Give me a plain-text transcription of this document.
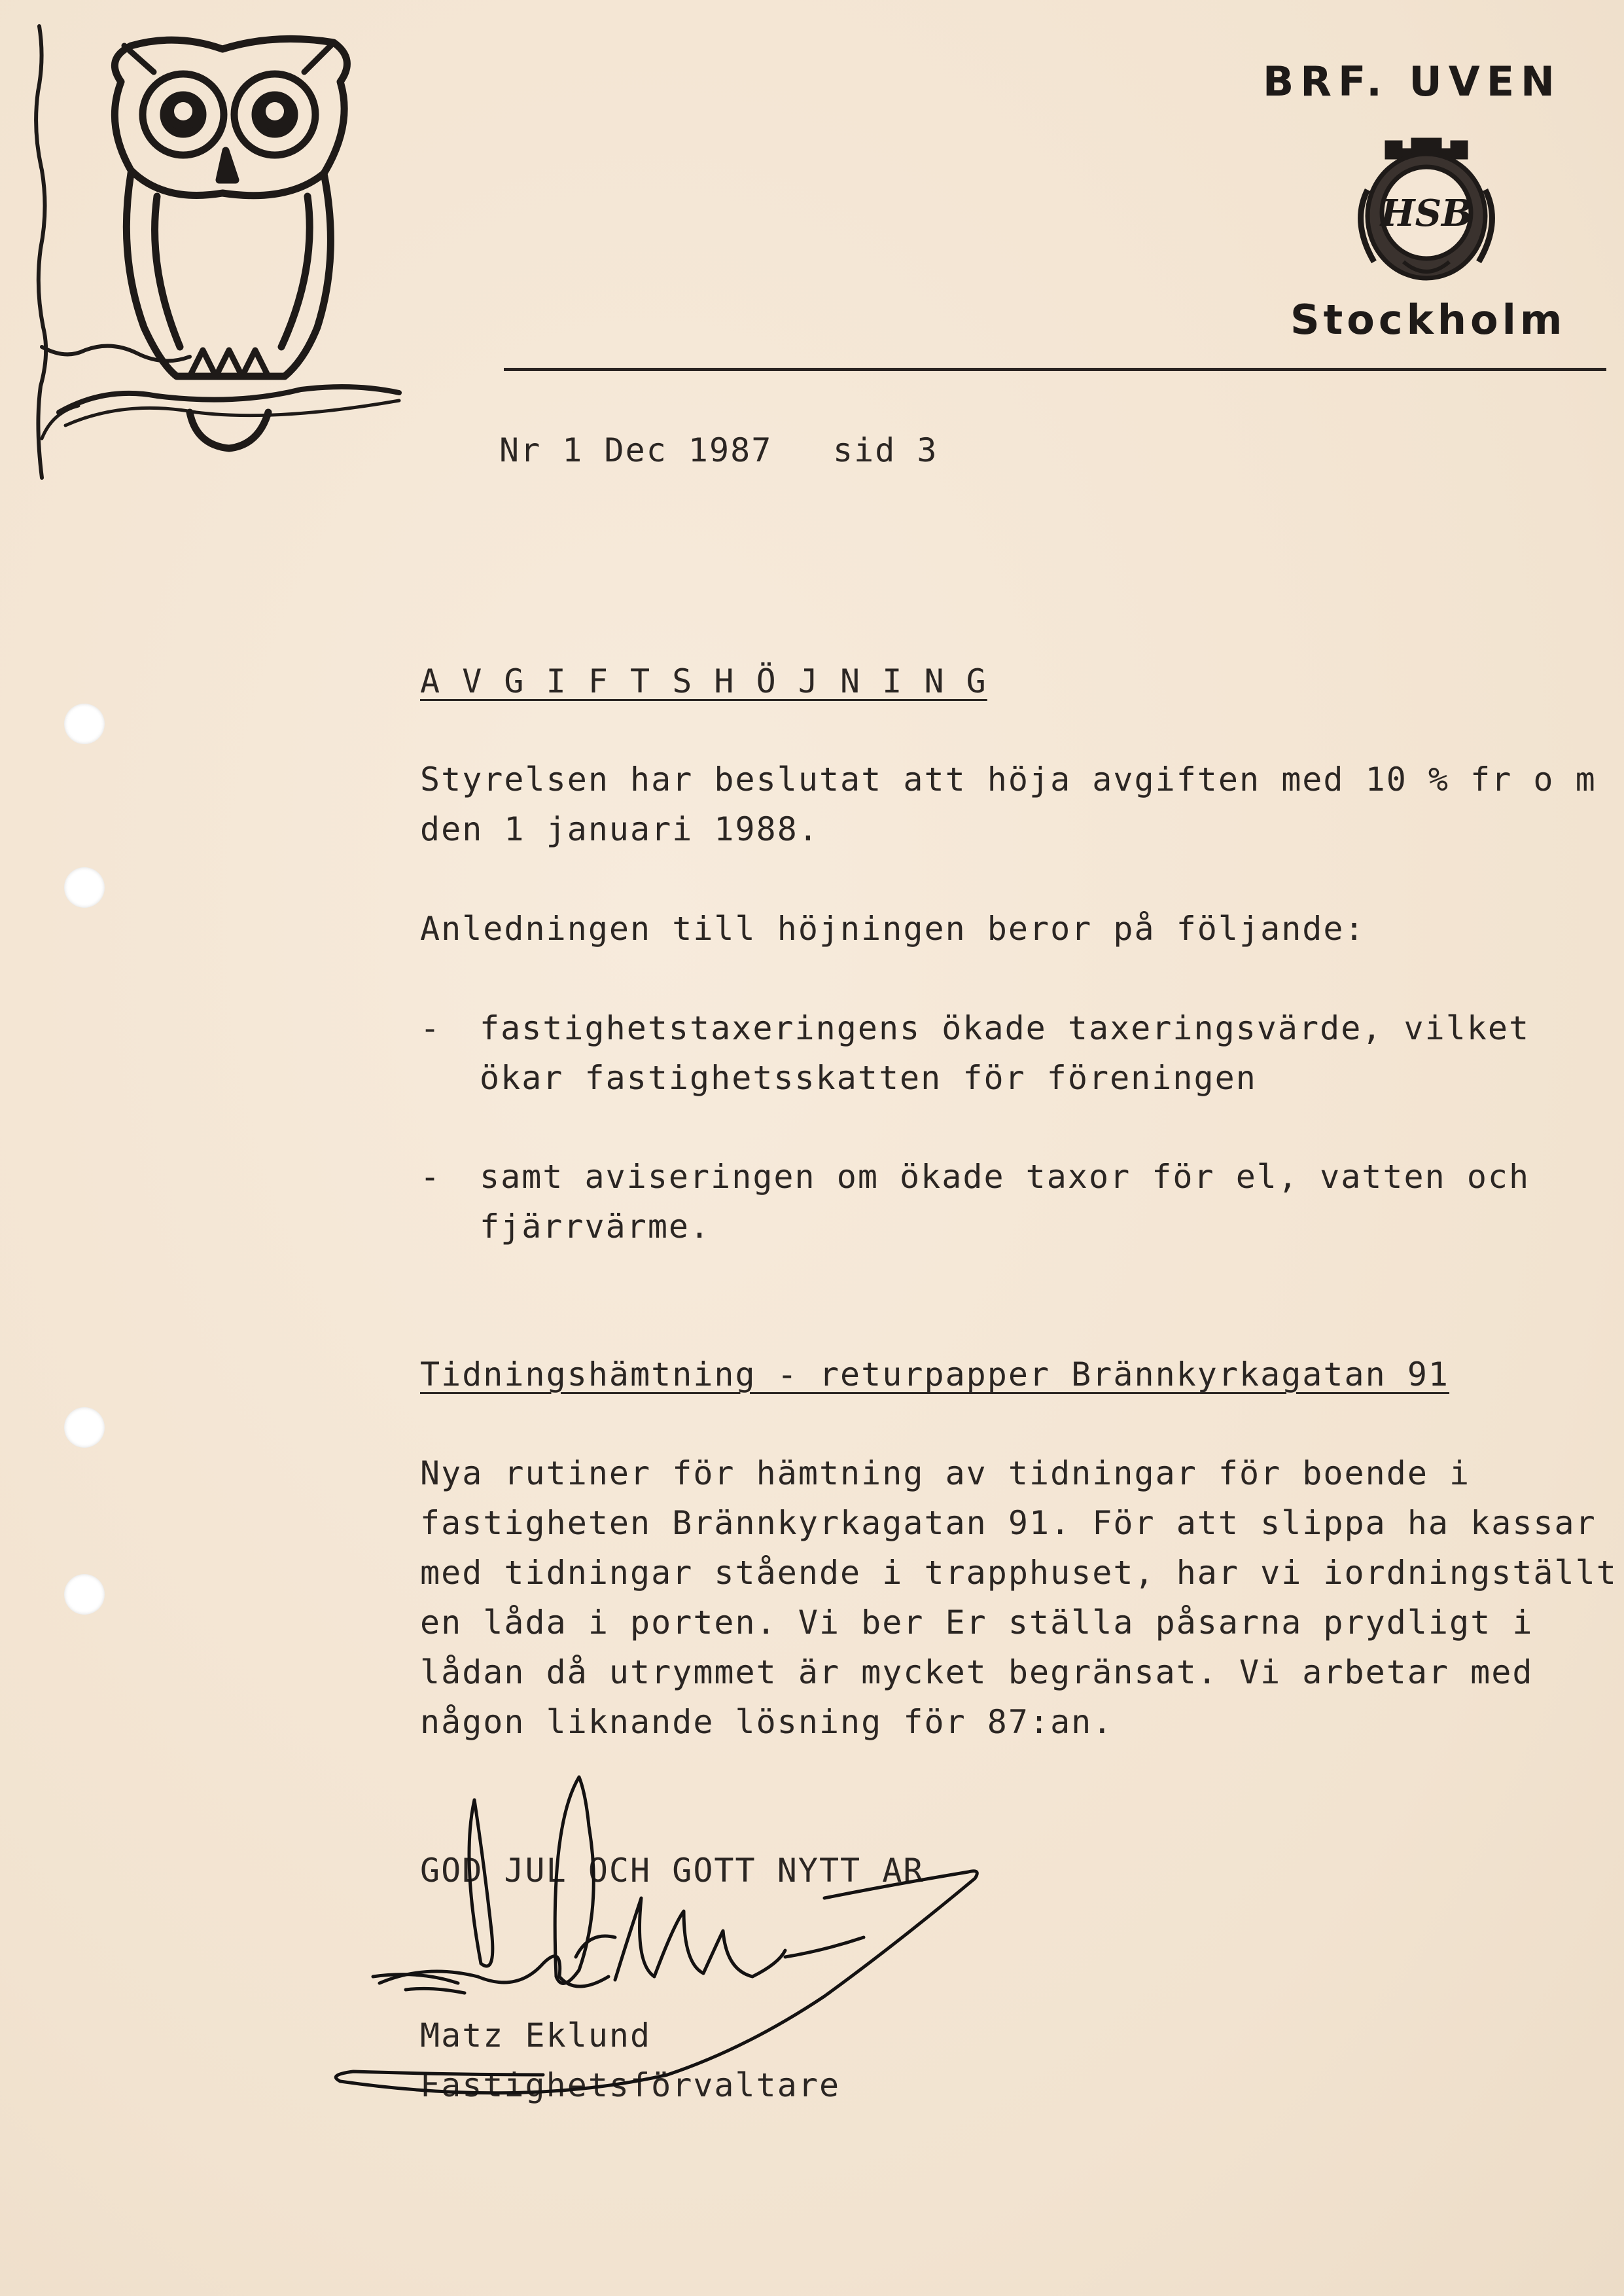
BRF. UVEN
HSB
Stockholm
Nr 1 Dec 1987 sid 3
A V G I F T S H Ö J N I N G
Styrelsen har beslutat att höja avgiften med 10 % fr o m
den 1 januari 1988.
Anledningen till höjningen beror på följande:
- fastighetstaxeringens ökade taxeringsvärde, vilket
ökar fastighetsskatten för föreningen
- samt aviseringen om ökade taxor för el, vatten och
fjärrvärme.
Tidningshämtning - returpapper Brännkyrkagatan 91
Nya rutiner för hämtning av tidningar för boende i
fastigheten Brännkyrkagatan 91. För att slippa ha kassar
med tidningar stående i trapphuset, har vi iordningställt
en låda i porten. Vi ber Er ställa påsarna prydligt i
lådan då utrymmet är mycket begränsat. Vi arbetar med
någon liknande lösning för 87:an.
GOD JUL OCH GOTT NYTT AR
Matz Eklund
Fastighetsförvaltare
